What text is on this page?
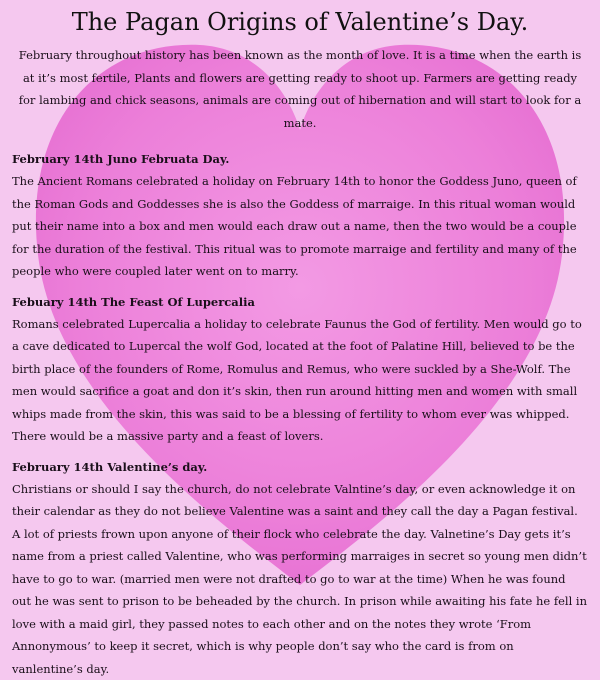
The Pagan Origins of Valentine’s Day.

February throughout history has been known as the month of love. It is a time when the earth is at it’s most fertile, Plants and flowers are getting ready to shoot up. Farmers are getting ready for lambing and chick seasons, animals are coming out of hibernation and will start to look for a mate.

February 14th Juno Februata Day.

The Ancient Romans celebrated a holiday on February 14th to honor the Goddess Juno, queen of the Roman Gods and Goddesses she is also the Goddess of marraige. In this ritual woman would put their name into a box and men would each draw out a name, then the two would be a couple for the duration of the festival. This ritual was to promote marraige and fertility and many of the people who were coupled later went on to marry.

Febuary 14th The Feast Of Lupercalia

Romans celebrated Lupercalia a holiday to celebrate Faunus the God of fertility. Men would go to a cave dedicated to Lupercal the wolf God, located at the foot of Palatine Hill, believed to be the birth place of the founders of Rome, Romulus and Remus, who were suckled by a She-Wolf. The men would sacrifice a goat and don it’s skin, then run around hitting men and women with small whips made from the skin, this was said to be a blessing of fertility to whom ever was whipped. There would be a massive party and a feast of lovers.

February 14th Valentine’s day.

Christians or should I say the church, do not celebrate Valntine’s day, or even acknowledge it on their calendar as they do not believe Valentine was a saint and they call the day a Pagan festival. A lot of priests frown upon anyone of their flock who celebrate the day. Valnetine’s Day gets it’s name from a priest called Valentine, who was performing marraiges in secret so young men didn’t have to go to war. (married men were not drafted to go to war at the time) When he was found out he was sent to prison to be beheaded by the church. In prison while awaiting his fate he fell in love with a maid girl, they passed notes to each other and on the notes they wrote ‘From Annonymous’ to keep it secret, which is why people don’t say who the card is from on vanlentine’s day.
